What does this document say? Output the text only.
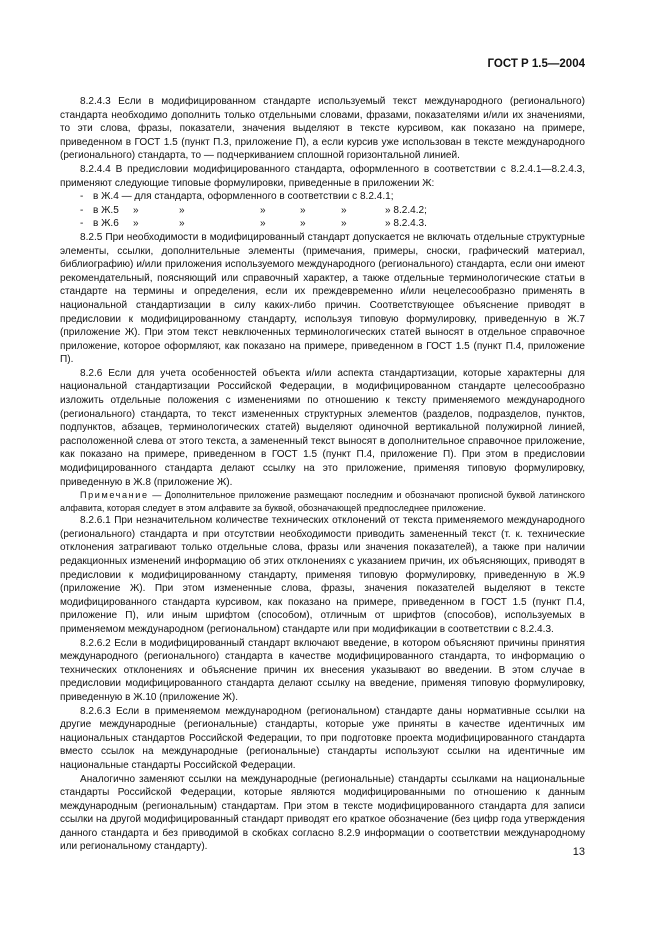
ГОСТ Р 1.5—2004

8.2.4.3 Если в модифицированном стандарте используемый текст международного (регионального) стандарта необходимо дополнить только отдельными словами, фразами, показателями и/или их значениями, то эти слова, фразы, показатели, значения выделяют в тексте курсивом, как показано на примере, приведенном в ГОСТ 1.5 (пункт П.3, приложение П), а если курсив уже использован в тексте международного (регионального) стандарта, то — подчеркиванием сплошной горизонтальной линией.

8.2.4.4 В предисловии модифицированного стандарта, оформленного в соответствии с 8.2.4.1—8.2.4.3, применяют следующие типовые формулировки, приведенные в приложении Ж:

- в Ж.4 — для стандарта, оформленного в соответствии с 8.2.4.1;
- в Ж.5	»	»	»	»	»	» 8.2.4.2;
- в Ж.6	»	»	»	»	»	» 8.2.4.3.

8.2.5 При необходимости в модифицированный стандарт допускается не включать отдельные структурные элементы, ссылки, дополнительные элементы (примечания, примеры, сноски, графический материал, библиографию) и/или приложения используемого международного (регионального) стандарта, если они имеют рекомендательный, поясняющий или справочный характер, а также отдельные терминологические статьи в стандарте на термины и определения, если их преждевременно и/или нецелесообразно применять в национальной стандартизации в силу каких-либо причин. Соответствующее объяснение приводят в предисловии к модифицированному стандарту, используя типовую формулировку, приведенную в Ж.7 (приложение Ж). При этом текст невключенных терминологических статей выносят в отдельное справочное приложение, которое оформляют, как показано на примере, приведенном в ГОСТ 1.5 (пункт П.4, приложение П).

8.2.6 Если для учета особенностей объекта и/или аспекта стандартизации, которые характерны для национальной стандартизации Российской Федерации, в модифицированном стандарте целесообразно изложить отдельные положения с изменениями по отношению к тексту применяемого международного (регионального) стандарта, то текст измененных структурных элементов (разделов, подразделов, пунктов, подпунктов, абзацев, терминологических статей) выделяют одиночной вертикальной полужирной линией, расположенной слева от этого текста, а замененный текст выносят в дополнительное справочное приложение, как показано на примере, приведенном в ГОСТ 1.5 (пункт П.4, приложение П). При этом в предисловии модифицированного стандарта делают ссылку на это приложение, применяя типовую формулировку, приведенную в Ж.8 (приложение Ж).

Примечание — Дополнительное приложение размещают последним и обозначают прописной буквой латинского алфавита, которая следует в этом алфавите за буквой, обозначающей предпоследнее приложение.

8.2.6.1 При незначительном количестве технических отклонений от текста применяемого международного (регионального) стандарта и при отсутствии необходимости приводить замененный текст (т. к. технические отклонения затрагивают только отдельные слова, фразы или значения показателей), а также при наличии редакционных изменений информацию об этих отклонениях с указанием причин, их объясняющих, приводят в предисловии к модифицированному стандарту, применяя типовую формулировку, приведенную в Ж.9 (приложение Ж). При этом измененные слова, фразы, значения показателей выделяют в тексте модифицированного стандарта курсивом, как показано на примере, приведенном в ГОСТ 1.5 (пункт П.4, приложение П), или иным шрифтом (способом), отличным от шрифтов (способов), используемых в применяемом международном (региональном) стандарте или при модификации в соответствии с 8.2.4.3.

8.2.6.2 Если в модифицированный стандарт включают введение, в котором объясняют причины принятия международного (регионального) стандарта в качестве модифицированного стандарта, то информацию о технических отклонениях и объяснение причин их внесения указывают во введении. В этом случае в предисловии модифицированного стандарта делают ссылку на введение, применяя типовую формулировку, приведенную в Ж.10 (приложение Ж).

8.2.6.3 Если в применяемом международном (региональном) стандарте даны нормативные ссылки на другие международные (региональные) стандарты, которые уже приняты в качестве идентичных им национальных стандартов Российской Федерации, то при подготовке проекта модифицированного стандарта вместо ссылок на международные (региональные) стандарты используют ссылки на идентичные им национальные стандарты Российской Федерации.

Аналогично заменяют ссылки на международные (региональные) стандарты ссылками на национальные стандарты Российской Федерации, которые являются модифицированными по отношению к данным международным (региональным) стандартам. При этом в тексте модифицированного стандарта для записи ссылки на другой модифицированный стандарт приводят его краткое обозначение (без цифр года утверждения данного стандарта и без приводимой в скобках согласно 8.2.9 информации о соответствии международному или региональному стандарту).	13
